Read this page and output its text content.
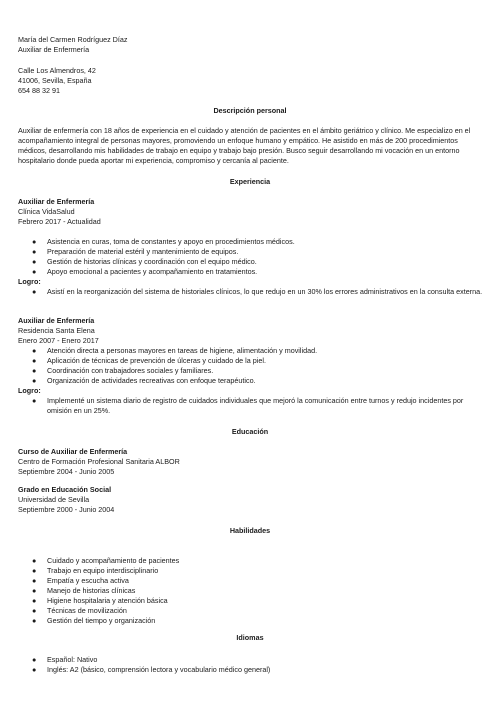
María del Carmen Rodríguez Díaz
Auxiliar de Enfermería
Calle Los Almendros, 42
41006, Sevilla, España
654 88 32 91
Descripción personal
Auxiliar de enfermería con 18 años de experiencia en el cuidado y atención de pacientes en el ámbito geriátrico y clínico. Me especializo en el acompañamiento integral de personas mayores, promoviendo un enfoque humano y empático. He asistido en más de 200 procedimientos médicos, desarrollando mis habilidades de trabajo en equipo y trabajo bajo presión. Busco seguir desarrollando mi vocación en un entorno hospitalario donde pueda aportar mi experiencia, compromiso y cercanía al paciente.
Experiencia
Auxiliar de Enfermería
Clínica VidaSalud
Febrero 2017 - Actualidad
● Asistencia en curas, toma de constantes y apoyo en procedimientos médicos.
● Preparación de material estéril y mantenimiento de equipos.
● Gestión de historias clínicas y coordinación con el equipo médico.
● Apoyo emocional a pacientes y acompañamiento en tratamientos.
Logro:
● Asistí en la reorganización del sistema de historiales clínicos, lo que redujo en un 30% los errores administrativos en la consulta externa.
Auxiliar de Enfermería
Residencia Santa Elena
Enero 2007 - Enero 2017
● Atención directa a personas mayores en tareas de higiene, alimentación y movilidad.
● Aplicación de técnicas de prevención de úlceras y cuidado de la piel.
● Coordinación con trabajadores sociales y familiares.
● Organización de actividades recreativas con enfoque terapéutico.
Logro:
● Implementé un sistema diario de registro de cuidados individuales que mejoró la comunicación entre turnos y redujo incidentes por omisión en un 25%.
Educación
Curso de Auxiliar de Enfermería
Centro de Formación Profesional Sanitaria ALBOR
Septiembre 2004 - Junio 2005
Grado en Educación Social
Universidad de Sevilla
Septiembre 2000 - Junio 2004
Habilidades
● Cuidado y acompañamiento de pacientes
● Trabajo en equipo interdisciplinario
● Empatía y escucha activa
● Manejo de historias clínicas
● Higiene hospitalaria y atención básica
● Técnicas de movilización
● Gestión del tiempo y organización
Idiomas
● Español: Nativo
● Inglés: A2 (básico, comprensión lectora y vocabulario médico general)
